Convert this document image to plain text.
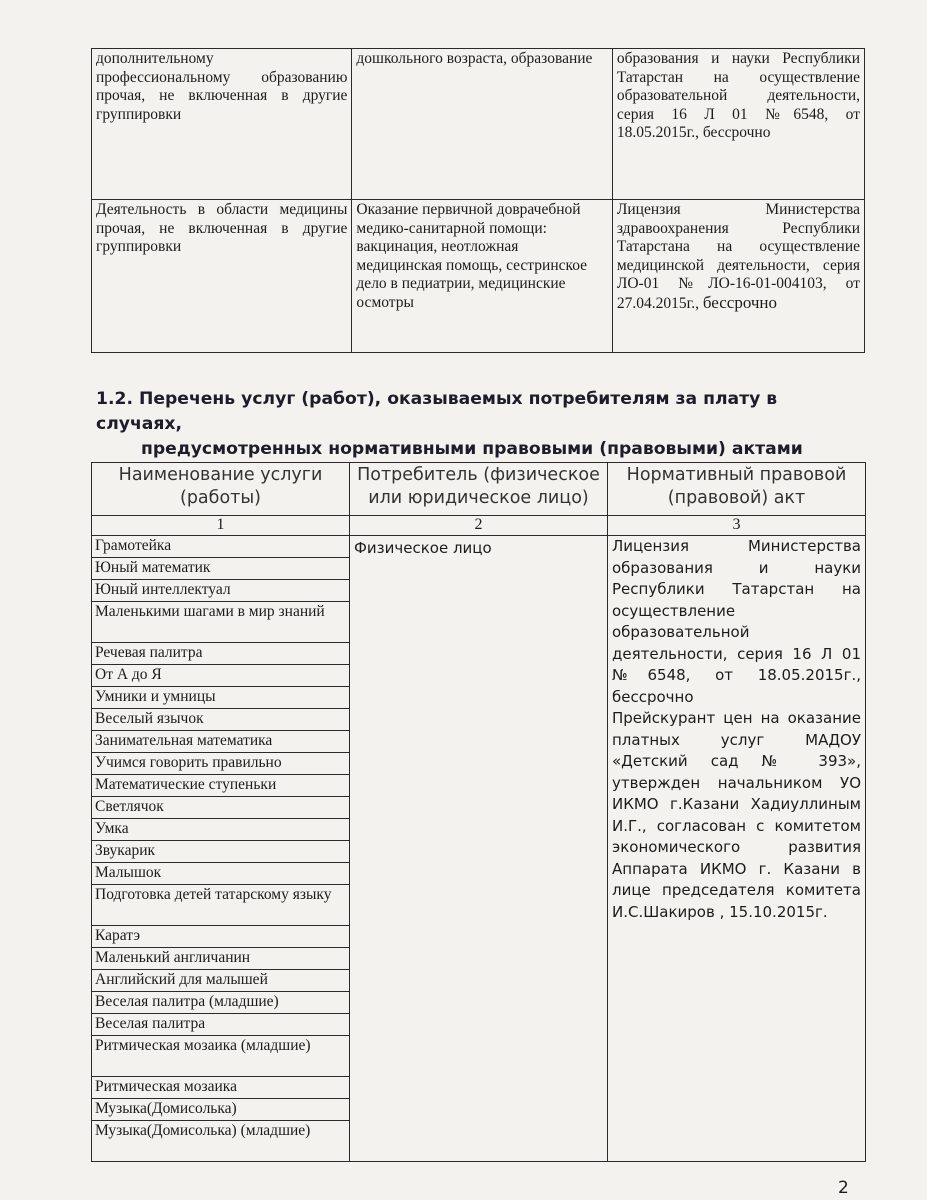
дополнительному профессиональному образованию прочая, не включенная в другие группировки	дошкольного возраста, образование	образования и науки Республики Татарстан на осуществление образовательной деятельности, серия 16 Л 01 №6548, от 18.05.2015г., бессрочно
Деятельность в области медицины прочая, не включенная в другие группировки	Оказание первичной доврачебной медико-санитарной помощи: вакцинация, неотложная медицинская помощь, сестринское дело в педиатрии, медицинские осмотры	Лицензия Министерства здравоохранения Республики Татарстана на осуществление медицинской деятельности, серия ЛО-01 №ЛО-16-01-004103, от 27.04.2015г., бессрочно
1.2. Перечень услуг (работ), оказываемых потребителям за плату в случаях,
предусмотренных нормативными правовыми (правовыми) актами
Наименование услуги (работы)	Потребитель (физическое или юридическое лицо)	Нормативный правовой (правовой) акт
1	2	3
Грамотейка	Физическое лицо	Лицензия Министерства образования и науки Республики Татарстан на осуществление образовательной деятельности, серия 16 Л 01 №6548, от 18.05.2015г., бессрочно

Прейскурант цен на оказание платных услуг МАДОУ «Детский сад № 393», утвержден начальником УО ИКМО г.Казани Хадиуллиным И.Г., согласован с комитетом экономического развития Аппарата ИКМО г. Казани в лице председателя комитета И.С.Шакиров , 15.10.2015г.

Юный математик		
Юный интеллектуал		
Маленькими шагами в мир знаний		
Речевая палитра		
От А до Я		
Умники и умницы		
Веселый язычок		
Занимательная математика		
Учимся говорить правильно		
Математические ступеньки		
Светлячок		
Умка		
Звукарик		
Малышок		
Подготовка детей татарскому языку		
Каратэ		
Маленький англичанин		
Английский для малышей		
Веселая палитра (младшие)		
Веселая палитра		
Ритмическая мозаика (младшие)		
Ритмическая мозаика		
Музыка(Домисолька)		
Музыка(Домисолька) (младшие)		
2
